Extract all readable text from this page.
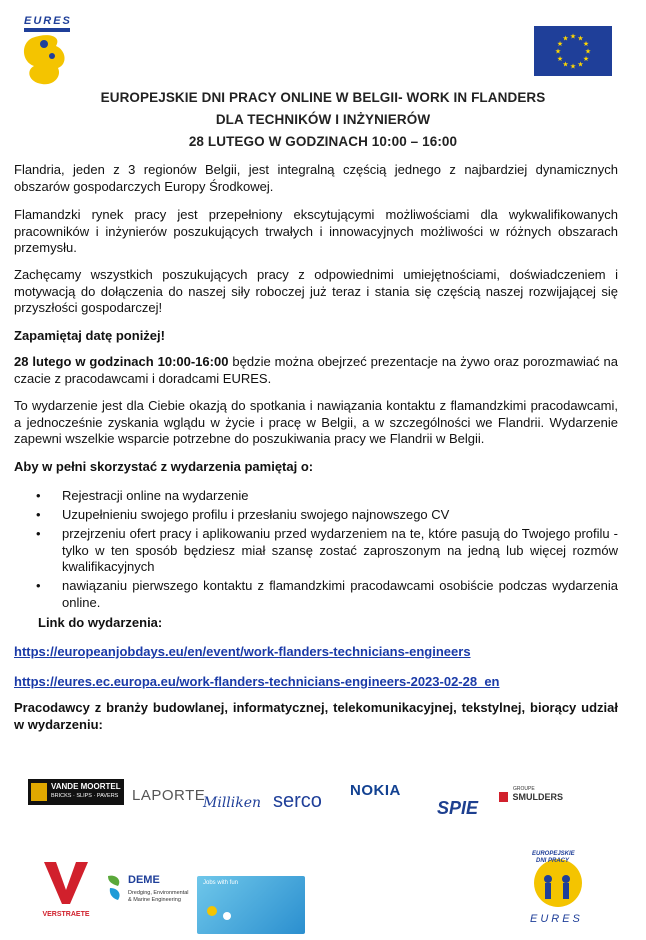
EURES
★ ★
★
★
★
★
★
★
★
★
★
★
EUROPEJSKIE DNI PRACY ONLINE W BELGII- WORK IN FLANDERS
DLA TECHNIKÓW I INŻYNIERÓW
28 LUTEGO W GODZINACH 10:00 – 16:00
Flandria, jeden z 3 regionów Belgii, jest integralną częścią jednego z najbardziej dynamicznych obszarów gospodarczych Europy Środkowej.
Flamandzki rynek pracy jest przepełniony ekscytującymi możliwościami dla wykwalifikowanych pracowników i inżynierów poszukujących trwałych i innowacyjnych możliwości w różnych obszarach przemysłu.
Zachęcamy wszystkich poszukujących pracy z odpowiednimi umiejętnościami, doświadczeniem i motywacją do dołączenia do naszej siły roboczej już teraz i stania się częścią naszej rozwijającej się przyszłości gospodarczej!
Zapamiętaj datę poniżej!
28 lutego w godzinach 10:00-16:00 będzie można obejrzeć prezentacje na żywo oraz porozmawiać na czacie z pracodawcami i doradcami EURES.
To wydarzenie jest dla Ciebie okazją do spotkania i nawiązania kontaktu z flamandzkimi pracodawcami, a jednocześnie zyskania wglądu w życie i pracę w Belgii, a w szczególności we Flandrii. Wydarzenie zapewni wszelkie wsparcie potrzebne do poszukiwania pracy we Flandrii w Belgii.
Aby w pełni skorzystać z wydarzenia pamiętaj o:
• Rejestracji online na wydarzenie
• Uzupełnieniu swojego profilu i przesłaniu swojego najnowszego CV
• przejrzeniu ofert pracy i aplikowaniu przed wydarzeniem na te, które pasują do Twojego profilu - tylko w ten sposób będziesz miał szansę zostać zaproszonym na jedną lub więcej rozmów kwalifikacyjnych
• nawiązaniu pierwszego kontaktu z flamandzkimi pracodawcami osobiście podczas wydarzenia online.
Link do wydarzenia:
https://europeanjobdays.eu/en/event/work-flanders-technicians-engineers
https://eures.ec.europa.eu/work-flanders-technicians-engineers-2023-02-28_en
Pracodawcy z branży budowlanej, informatycznej, telekomunikacyjnej, tekstylnej, biorący udział w wydarzeniu:
VANDE MOORTEL
BRICKS · SLIPS · PAVERS LAPORTE
Milliken serco NOKIA
SPIE

GROUPE
SMULDERS
VERSTRAETE
DEME
Dredging, Environmental
& Marine Engineering
Jobs with fun
EUROPEJSKIE
DNI PRACY
EURES
